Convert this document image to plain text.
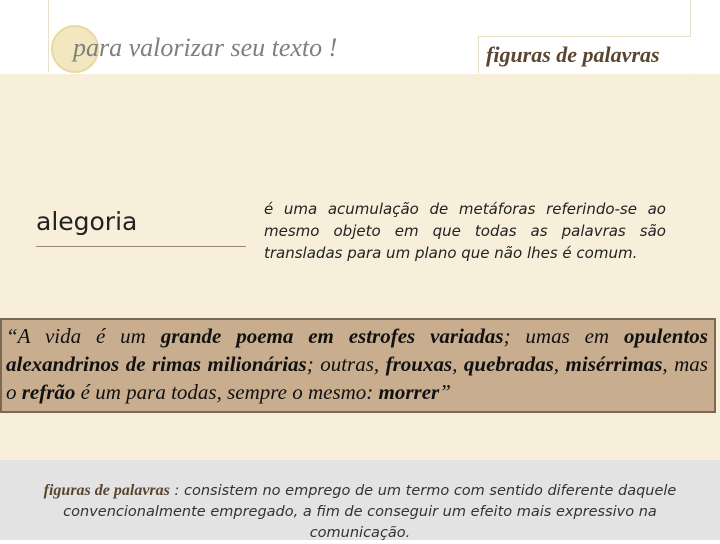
para valorizar seu texto !	figuras de palavras
alegoria	é uma acumulação de metáforas referindo-se ao mesmo objeto em que todas as palavras são transladas para um plano que não lhes é comum.
“A vida é um grande poema em estrofes variadas; umas em opulentos alexandrinos de rimas milionárias; outras, frouxas, quebradas, misérrimas, mas o refrão é um para todas, sempre o mesmo: morrer”
figuras de palavras : consistem no emprego de um termo com sentido diferente daquele convencionalmente empregado, a fim de conseguir um efeito mais expressivo na comunicação.
